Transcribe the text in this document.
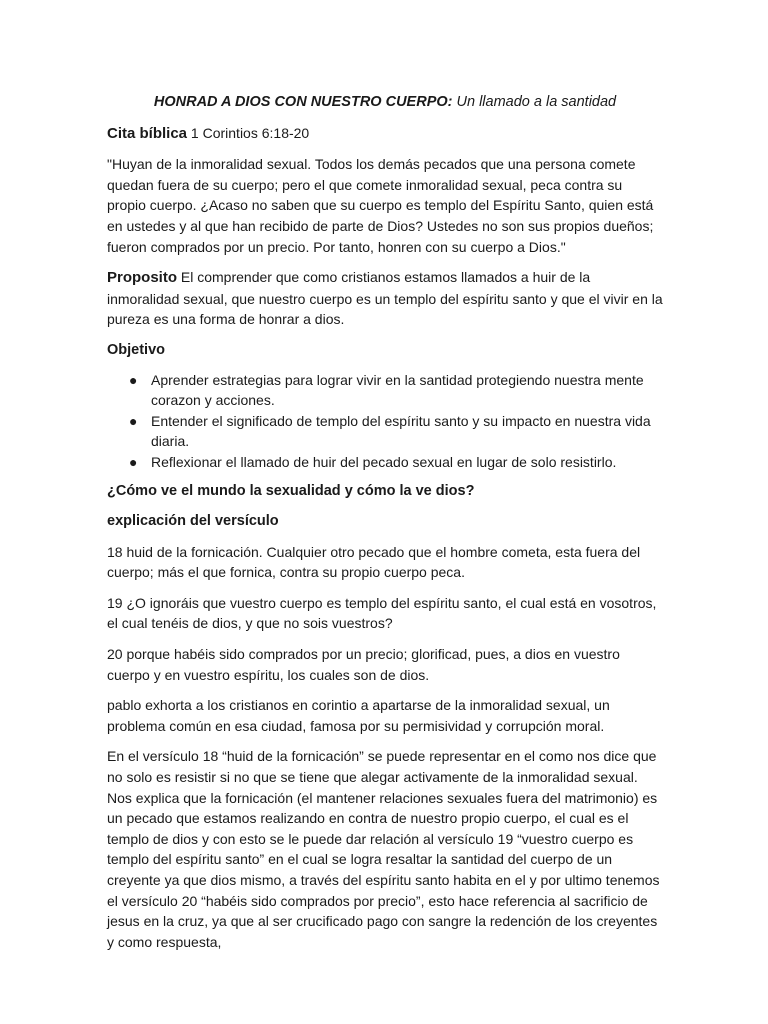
HONRAD A DIOS CON NUESTRO CUERPO: Un llamado a la santidad

Cita bíblica 1 Corintios 6:18-20

"Huyan de la inmoralidad sexual. Todos los demás pecados que una persona comete quedan fuera de su cuerpo; pero el que comete inmoralidad sexual, peca contra su propio cuerpo. ¿Acaso no saben que su cuerpo es templo del Espíritu Santo, quien está en ustedes y al que han recibido de parte de Dios? Ustedes no son sus propios dueños; fueron comprados por un precio. Por tanto, honren con su cuerpo a Dios."

Proposito El comprender que como cristianos estamos llamados a huir de la inmoralidad sexual, que nuestro cuerpo es un templo del espíritu santo y que el vivir en la pureza es una forma de honrar a dios.

Objetivo

● Aprender estrategias para lograr vivir en la santidad protegiendo nuestra mente corazon y acciones.
● Entender el significado de templo del espíritu santo y su impacto en nuestra vida diaria.
● Reflexionar el llamado de huir del pecado sexual en lugar de solo resistirlo.

¿Cómo ve el mundo la sexualidad y cómo la ve dios?

explicación del versículo

18 huid de la fornicación. Cualquier otro pecado que el hombre cometa, esta fuera del cuerpo; más el que fornica, contra su propio cuerpo peca.

19 ¿O ignoráis que vuestro cuerpo es templo del espíritu santo, el cual está en vosotros, el cual tenéis de dios, y que no sois vuestros?

20 porque habéis sido comprados por un precio; glorificad, pues, a dios en vuestro cuerpo y en vuestro espíritu, los cuales son de dios.

pablo exhorta a los cristianos en corintio a apartarse de la inmoralidad sexual, un problema común en esa ciudad, famosa por su permisividad y corrupción moral.

En el versículo 18 “huid de la fornicación” se puede representar en el como nos dice que no solo es resistir si no que se tiene que alegar activamente de la inmoralidad sexual. Nos explica que la fornicación (el mantener relaciones sexuales fuera del matrimonio) es un pecado que estamos realizando en contra de nuestro propio cuerpo, el cual es el templo de dios y con esto se le puede dar relación al versículo 19 “vuestro cuerpo es templo del espíritu santo” en el cual se logra resaltar la santidad del cuerpo de un creyente ya que dios mismo, a través del espíritu santo habita en el y por ultimo tenemos el versículo 20 “habéis sido comprados por precio”, esto hace referencia al sacrificio de jesus en la cruz, ya que al ser crucificado pago con sangre la redención de los creyentes y como respuesta,
